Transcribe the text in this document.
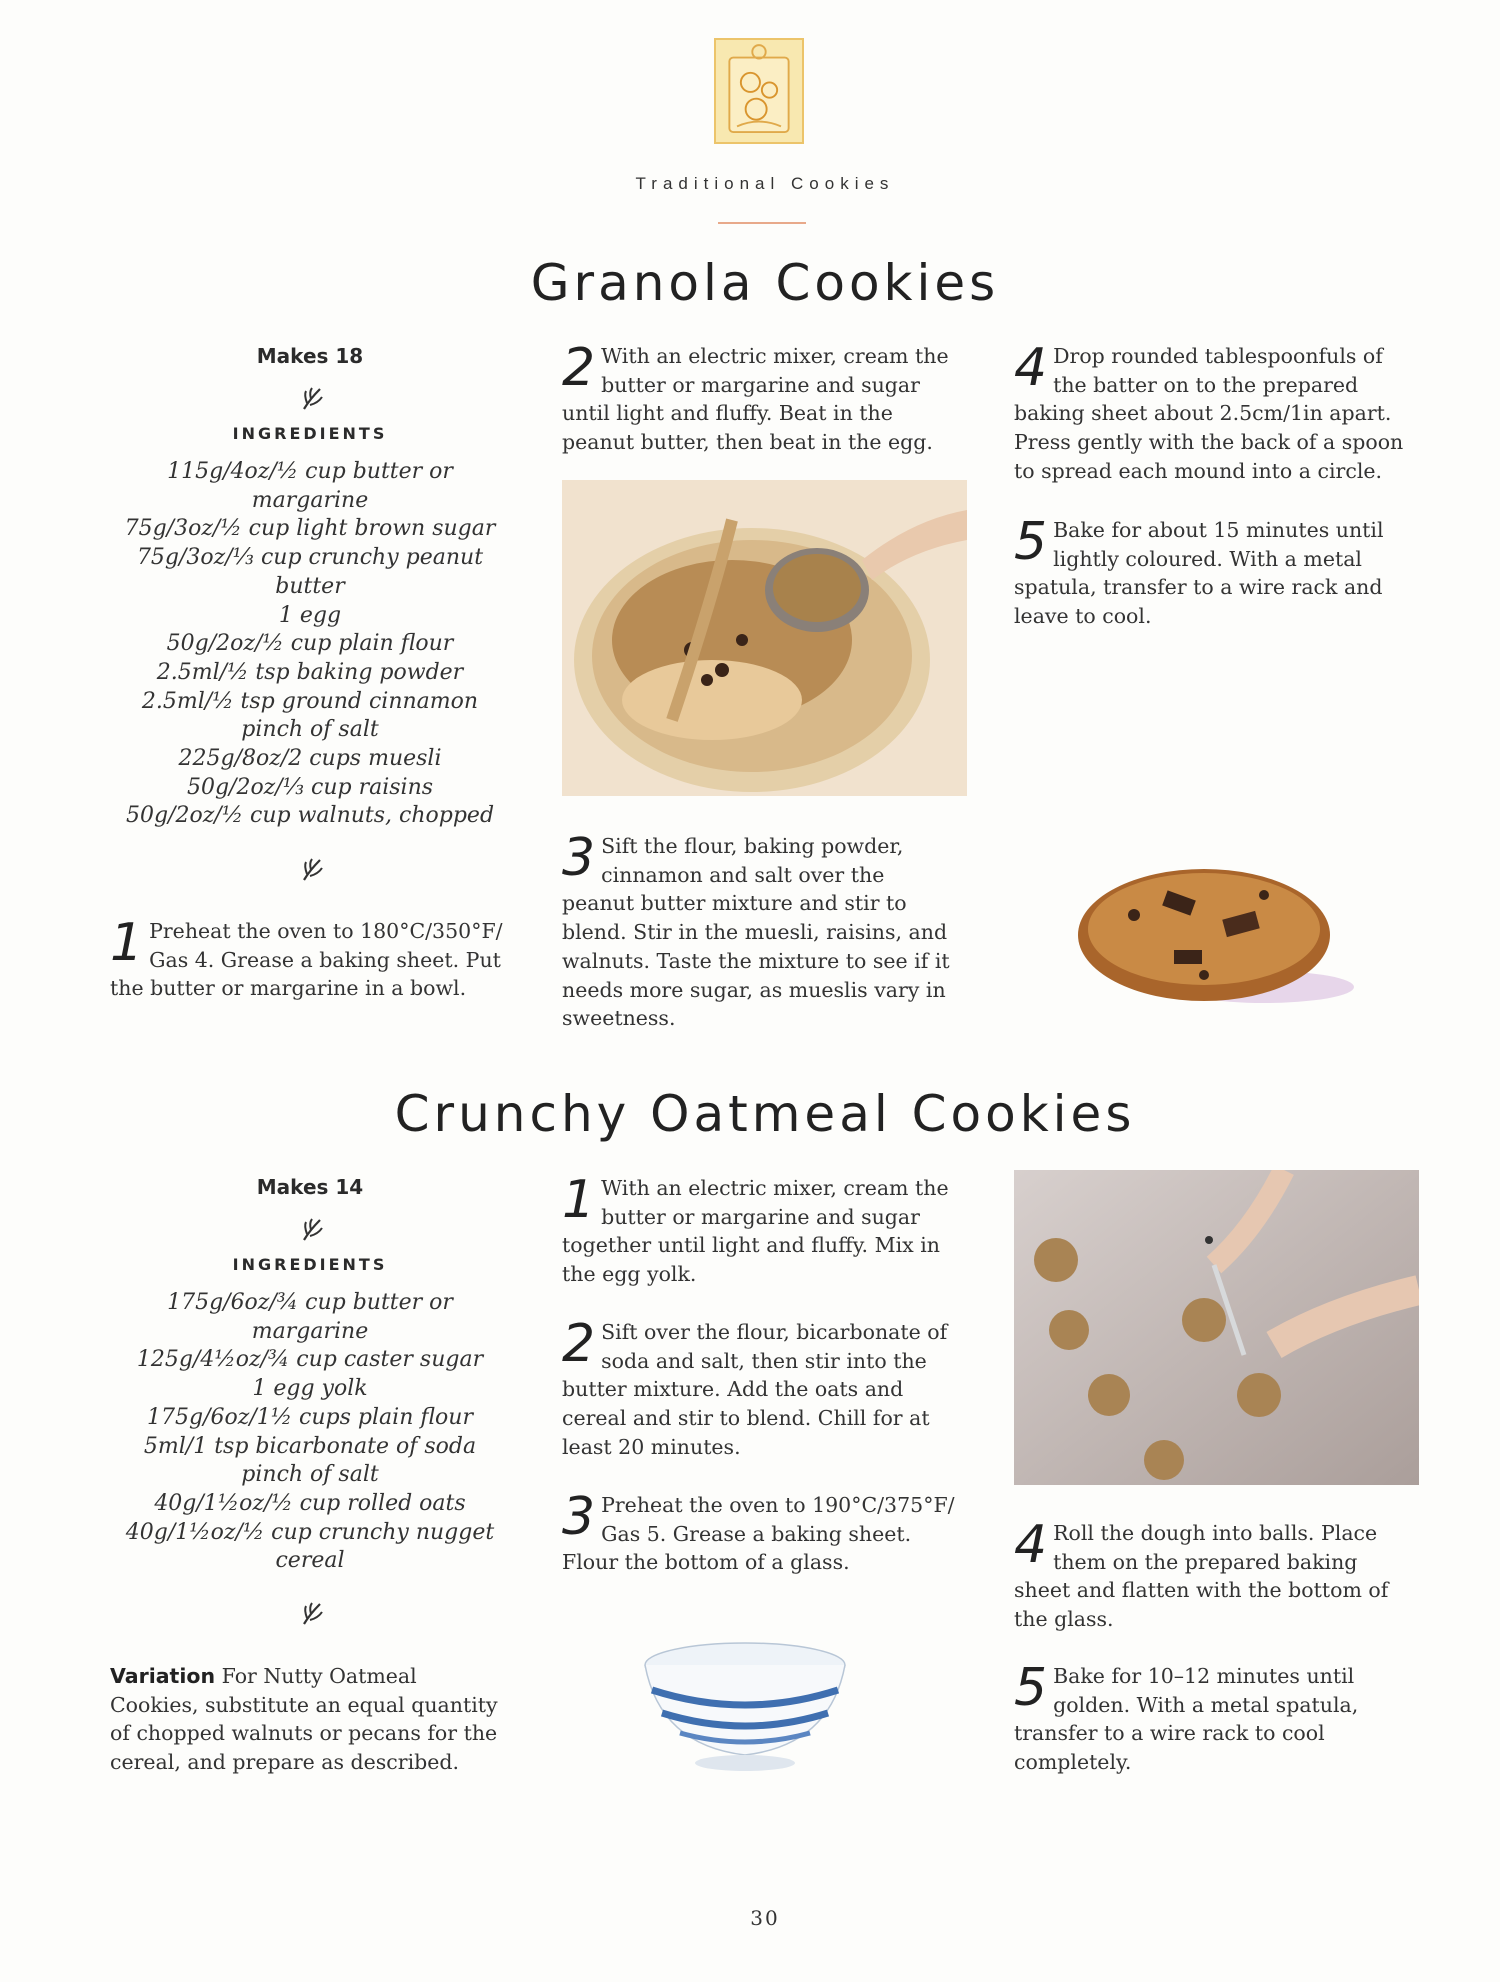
Traditional Cookies
Granola Cookies
Makes 18
INGREDIENTS
115g/4oz/½ cup butter or margarine
75g/3oz/½ cup light brown sugar
75g/3oz/⅓ cup crunchy peanut butter
1 egg
50g/2oz/½ cup plain flour
2.5ml/½ tsp baking powder
2.5ml/½ tsp ground cinnamon
pinch of salt
225g/8oz/2 cups muesli
50g/2oz/⅓ cup raisins
50g/2oz/½ cup walnuts, chopped
1 Preheat the oven to 180°C/350°F/ Gas 4. Grease a baking sheet. Put the butter or margarine in a bowl.
2 With an electric mixer, cream the butter or margarine and sugar until light and fluffy. Beat in the peanut butter, then beat in the egg.
3 Sift the flour, baking powder, cinnamon and salt over the peanut butter mixture and stir to blend. Stir in the muesli, raisins, and walnuts. Taste the mixture to see if it needs more sugar, as mueslis vary in sweetness.
4 Drop rounded tablespoonfuls of the batter on to the prepared baking sheet about 2.5cm/1in apart. Press gently with the back of a spoon to spread each mound into a circle.
5 Bake for about 15 minutes until lightly coloured. With a metal spatula, transfer to a wire rack and leave to cool.
Crunchy Oatmeal Cookies
Makes 14
INGREDIENTS
175g/6oz/¾ cup butter or margarine
125g/4½oz/¾ cup caster sugar
1 egg yolk
175g/6oz/1½ cups plain flour
5ml/1 tsp bicarbonate of soda
pinch of salt
40g/1½oz/½ cup rolled oats
40g/1½oz/½ cup crunchy nugget cereal
Variation For Nutty Oatmeal Cookies, substitute an equal quantity of chopped walnuts or pecans for the cereal, and prepare as described.
1 With an electric mixer, cream the butter or margarine and sugar together until light and fluffy. Mix in the egg yolk.
2 Sift over the flour, bicarbonate of soda and salt, then stir into the butter mixture. Add the oats and cereal and stir to blend. Chill for at least 20 minutes.
3 Preheat the oven to 190°C/375°F/ Gas 5. Grease a baking sheet. Flour the bottom of a glass.	4 Roll the dough into balls. Place them on the prepared baking sheet and flatten with the bottom of the glass.
5 Bake for 10–12 minutes until golden. With a metal spatula, transfer to a wire rack to cool completely.
30
